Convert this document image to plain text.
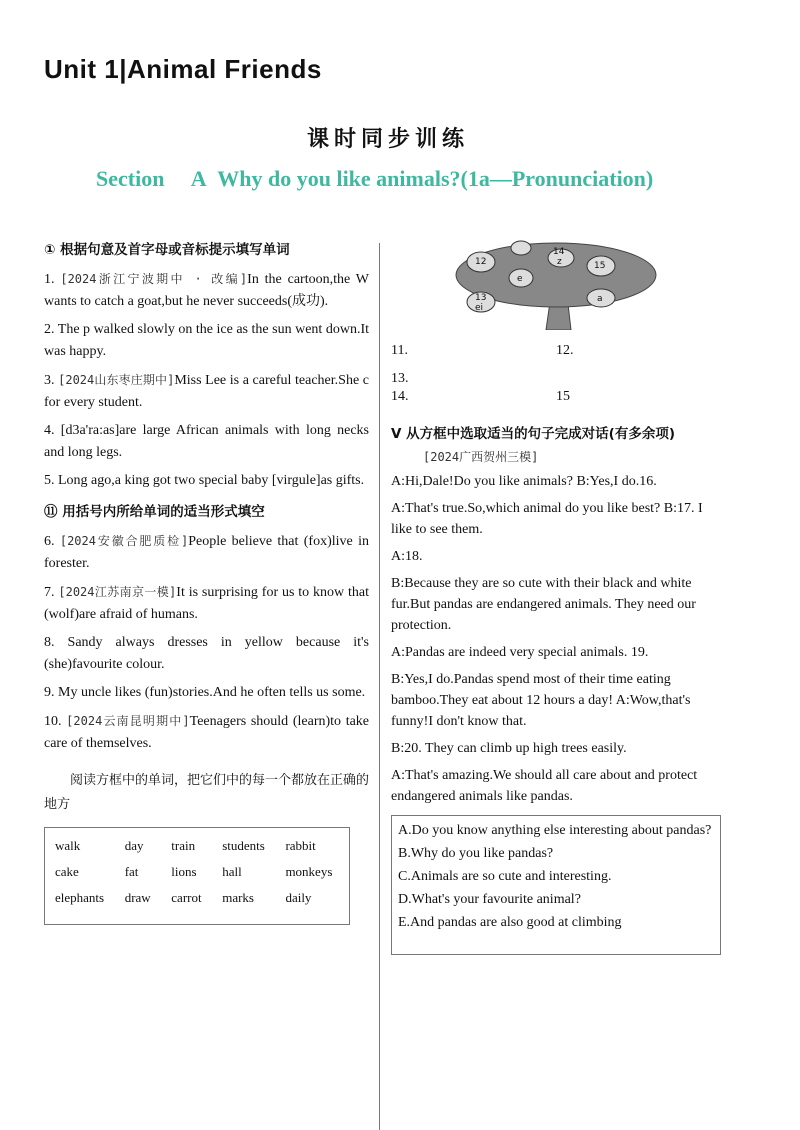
Unit 1|Animal Friends
课时同步训练
Section A Why do you like animals?(1a—Pronunciation)
① 根据句意及首字母或音标提示填写单词
1. [2024浙江宁波期中 · 改编]In the cartoon,the W wants to catch a goat,but he never succeeds(成功).
2. The p walked slowly on the ice as the sun went down.It was happy.
3. [2024山东枣庄期中]Miss Lee is a careful teacher.She c for every student.
4. [d3a'ra:as]are large African animals with long necks and long legs.
5. Long ago,a king got two special baby [virgule]as gifts.
⑪ 用括号内所给单词的适当形式填空
6. [2024安徽合肥质检]People believe that (fox)live in forester.
7. [2024江苏南京一模]It is surprising for us to know that (wolf)are afraid of humans.
8. Sandy always dresses in yellow because it's (she)favourite colour.
9. My uncle likes (fun)stories.And he often tells us some.
10. [2024云南昆明期中]Teenagers should (learn)to take care of themselves.
阅读方框中的单词，把它们中的每一个都放在正确的地方
walk	day	train	students	rabbit
cake	fat	lions	hall	monkeys
elephants	draw	carrot	marks	daily
12
14
15
13
e
z
a
ei
11.	12.
13.
14.	15
Ⅴ 从方框中选取适当的句子完成对话(有多余项)
[2024广西贺州三模]
A:Hi,Dale!Do you like animals? B:Yes,I do.16.
A:That's true.So,which animal do you like best? B:17. I like to see them.
A:18.
B:Because they are so cute with their black and white fur.But pandas are endangered animals. They need our protection.
A:Pandas are indeed very special animals. 19.
B:Yes,I do.Pandas spend most of their time eating bamboo.They eat about 12 hours a day! A:Wow,that's funny!I don't know that.
B:20. They can climb up high trees easily.
A:That's amazing.We should all care about and protect endangered animals like pandas.
A.Do you know anything else interesting about pandas?
B.Why do you like pandas?
C.Animals are so cute and interesting.
D.What's your favourite animal?
E.And pandas are also good at climbing
